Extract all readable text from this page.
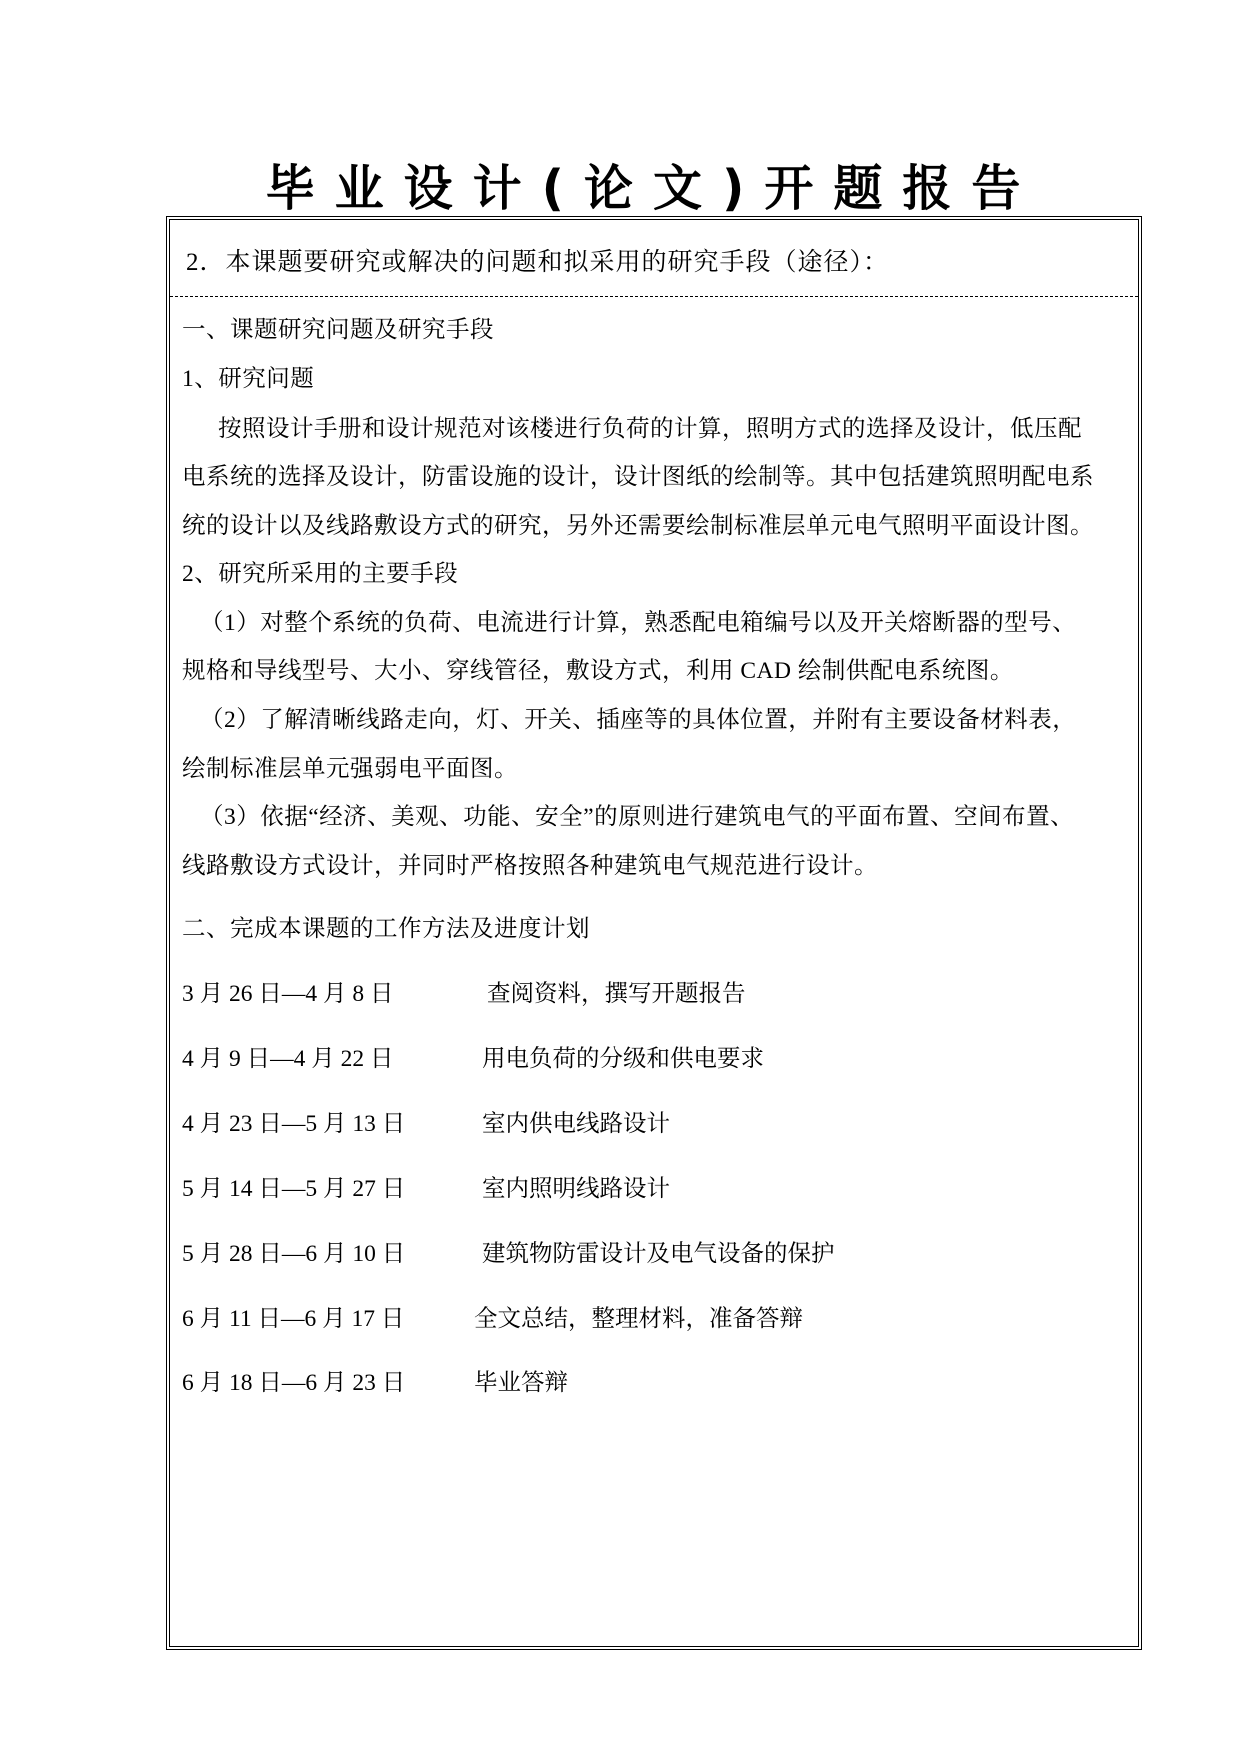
毕业设计(论文)开题报告
2．本课题要研究或解决的问题和拟采用的研究手段（途径）：
一、课题研究问题及研究手段
1、研究问题
按照设计手册和设计规范对该楼进行负荷的计算，照明方式的选择及设计，低压配
电系统的选择及设计，防雷设施的设计，设计图纸的绘制等。其中包括建筑照明配电系
统的设计以及线路敷设方式的研究，另外还需要绘制标准层单元电气照明平面设计图。
2、研究所采用的主要手段
（1）对整个系统的负荷、电流进行计算，熟悉配电箱编号以及开关熔断器的型号、
规格和导线型号、大小、穿线管径，敷设方式，利用 CAD 绘制供配电系统图。
（2）了解清晰线路走向，灯、开关、插座等的具体位置，并附有主要设备材料表，
绘制标准层单元强弱电平面图。
（3）依据“经济、美观、功能、安全”的原则进行建筑电气的平面布置、空间布置、
线路敷设方式设计，并同时严格按照各种建筑电气规范进行设计。
二、完成本课题的工作方法及进度计划
3 月 26 日—4 月 8 日	查阅资料，撰写开题报告
4 月 9 日—4 月 22 日	用电负荷的分级和供电要求
4 月 23 日—5 月 13 日	室内供电线路设计
5 月 14 日—5 月 27 日	室内照明线路设计
5 月 28 日—6 月 10 日	建筑物防雷设计及电气设备的保护
6 月 11 日—6 月 17 日	全文总结，整理材料，准备答辩
6 月 18 日—6 月 23 日	毕业答辩
